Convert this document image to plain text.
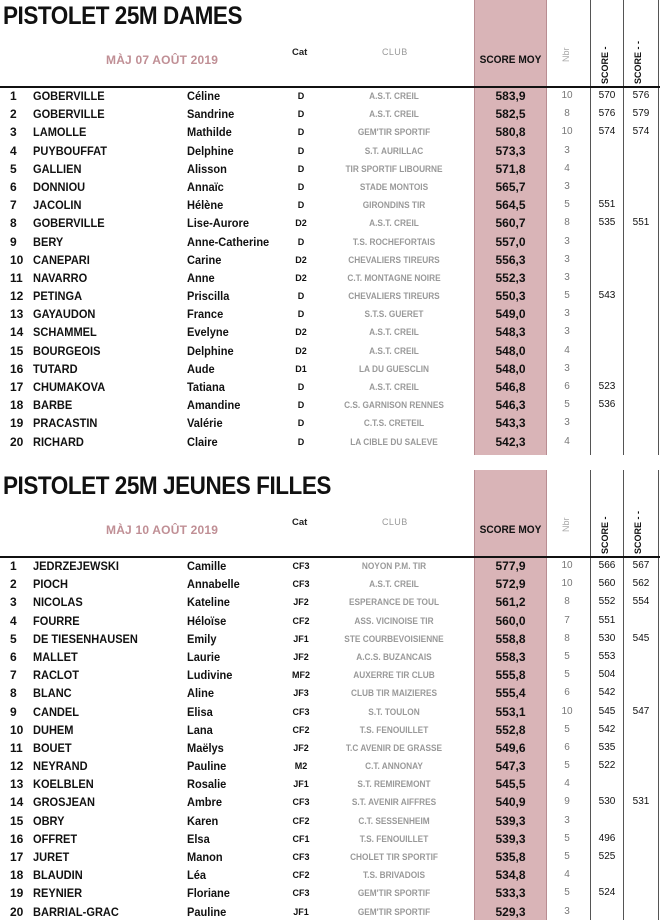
PISTOLET 25M DAMES
MÀJ 07 AOÛT 2019
Cat	CLUB
SCORE MOY Nbr	SCORE -	SCORE - -
1 GOBERVILLE	Céline	D	A.S.T. CREIL	583,9	10	570	576
2 GOBERVILLE	Sandrine	D	A.S.T. CREIL	582,5	8	576	579
3 LAMOLLE	Mathilde	D	GEM'TIR SPORTIF	580,8	10	574	574
4 PUYBOUFFAT	Delphine	D	S.T. AURILLAC	573,3	3
5 GALLIEN	Alisson	D	TIR SPORTIF LIBOURNE	571,8	4
6 DONNIOU	Annaïc	D	STADE MONTOIS	565,7	3
7 JACOLIN	Hélène	D	GIRONDINS TIR	564,5	5	551
8 GOBERVILLE	Lise-Aurore	D2	A.S.T. CREIL	560,7	8	535	551
9 BERY	Anne-Catherine	D	T.S. ROCHEFORTAIS	557,0	3
10 CANEPARI	Carine	D2	CHEVALIERS TIREURS	556,3	3
11 NAVARRO	Anne	D2	C.T. MONTAGNE NOIRE	552,3	3
12 PETINGA	Priscilla	D	CHEVALIERS TIREURS	550,3	5	543
13 GAYAUDON	France	D	S.T.S. GUERET	549,0	3
14 SCHAMMEL	Evelyne	D2	A.S.T. CREIL	548,3	3
15 BOURGEOIS	Delphine	D2	A.S.T. CREIL	548,0	4
16 TUTARD	Aude	D1	LA DU GUESCLIN	548,0	3
17 CHUMAKOVA	Tatiana	D	A.S.T. CREIL	546,8	6	523
18 BARBE	Amandine	D	C.S. GARNISON RENNES	546,3	5	536
19 PRACASTIN	Valérie	D	C.T.S. CRETEIL	543,3	3
20 RICHARD	Claire	D	LA CIBLE DU SALEVE	542,3	4
PISTOLET 25M JEUNES FILLES
MÀJ 10 AOÛT 2019
Cat	CLUB
SCORE MOY Nbr	SCORE -	SCORE - -
1 JEDRZEJEWSKI	Camille	CF3	NOYON P.M. TIR	577,9	10	566	567
2 PIOCH	Annabelle	CF3	A.S.T. CREIL	572,9	10	560	562
3 NICOLAS	Kateline	JF2	ESPERANCE DE TOUL	561,2	8	552	554
4 FOURRE	Héloïse	CF2	ASS. VICINOISE TIR	560,0	7	551
5 DE TIESENHAUSEN	Emily	JF1	STE COURBEVOISIENNE	558,8	8	530	545
6 MALLET	Laurie	JF2	A.C.S. BUZANCAIS	558,3	5	553
7 RACLOT	Ludivine	MF2	AUXERRE TIR CLUB	555,8	5	504
8 BLANC	Aline	JF3	CLUB TIR MAIZIERES	555,4	6	542
9 CANDEL	Elisa	CF3	S.T. TOULON	553,1	10	545	547
10 DUHEM	Lana	CF2	T.S. FENOUILLET	552,8	5	542
11 BOUET	Maëlys	JF2	T.C AVENIR DE GRASSE	549,6	6	535
12 NEYRAND	Pauline	M2	C.T. ANNONAY	547,3	5	522
13 KOELBLEN	Rosalie	JF1	S.T. REMIREMONT	545,5	4
14 GROSJEAN	Ambre	CF3	S.T. AVENIR AIFFRES	540,9	9	530	531
15 OBRY	Karen	CF2	C.T. SESSENHEIM	539,3	3
16 OFFRET	Elsa	CF1	T.S. FENOUILLET	539,3	5	496
17 JURET	Manon	CF3	CHOLET TIR SPORTIF	535,8	5	525
18 BLAUDIN	Léa	CF2	T.S. BRIVADOIS	534,8	4
19 REYNIER	Floriane	CF3	GEM'TIR SPORTIF	533,3	5	524
20 BARRIAL-GRAC	Pauline	JF1	GEM'TIR SPORTIF	529,3	3
